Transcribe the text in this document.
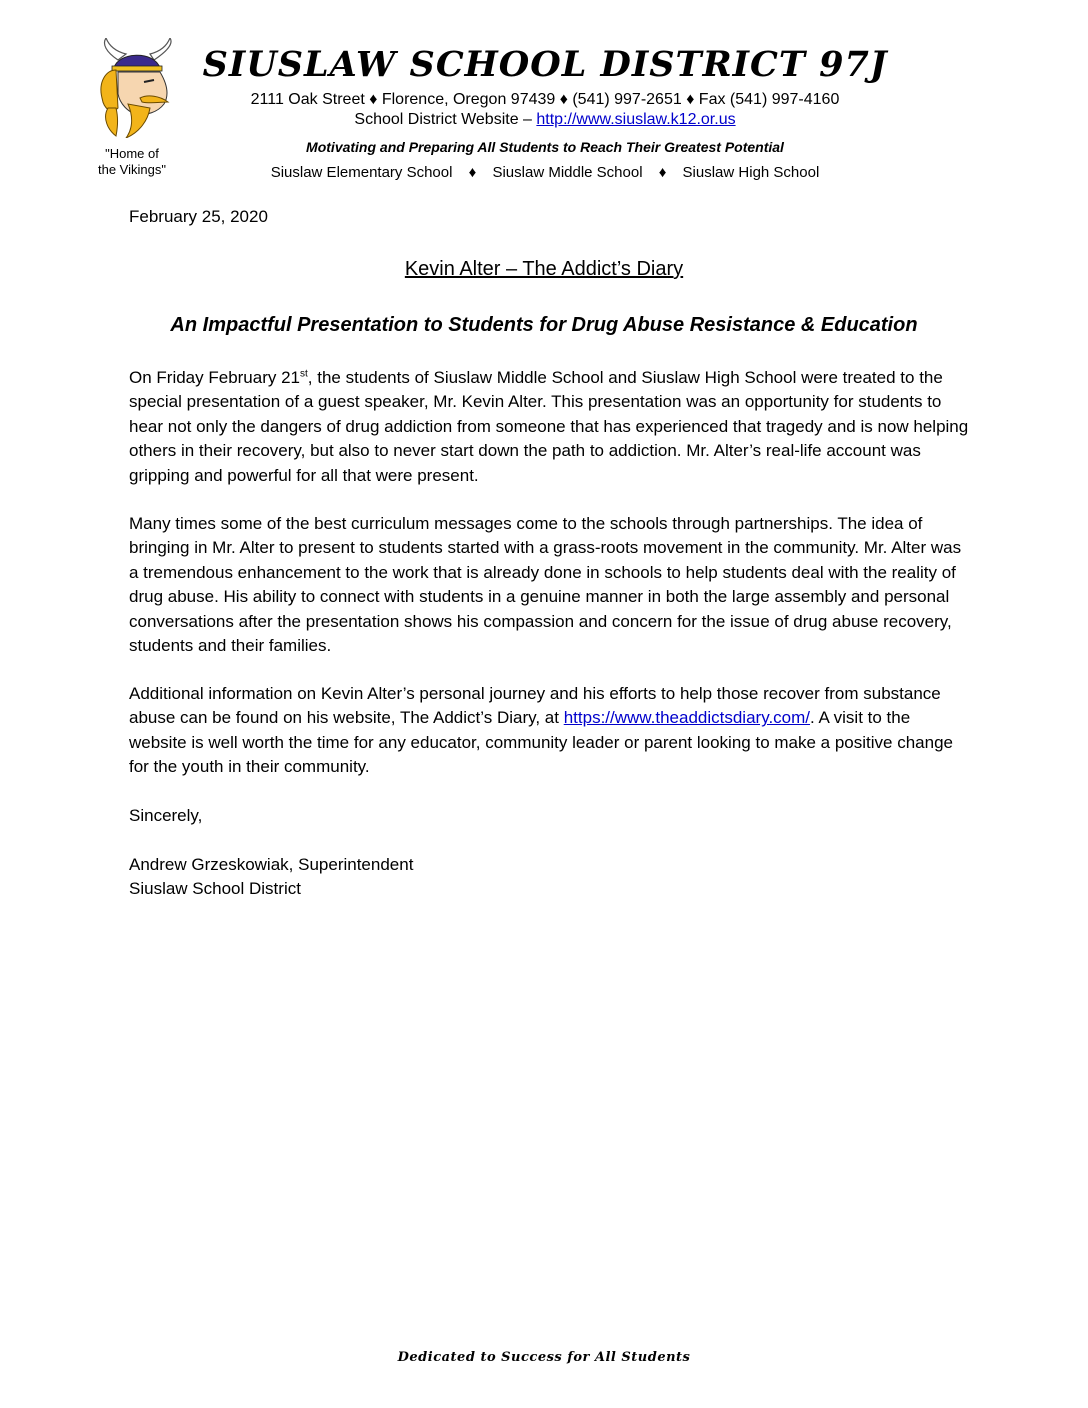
"Home of
the Vikings"
SIUSLAW SCHOOL DISTRICT 97J
2111 Oak Street ♦ Florence, Oregon 97439 ♦ (541) 997-2651 ♦ Fax (541) 997-4160
School District Website – http://www.siuslaw.k12.or.us
Motivating and Preparing All Students to Reach Their Greatest Potential
Siuslaw Elementary School ♦ Siuslaw Middle School ♦ Siuslaw High School
February 25, 2020
Kevin Alter – The Addict’s Diary
An Impactful Presentation to Students for Drug Abuse Resistance & Education
On Friday February 21st, the students of Siuslaw Middle School and Siuslaw High School were treated to the special presentation of a guest speaker, Mr. Kevin Alter. This presentation was an opportunity for students to hear not only the dangers of drug addiction from someone that has experienced that tragedy and is now helping others in their recovery, but also to never start down the path to addiction. Mr. Alter’s real-life account was gripping and powerful for all that were present.
Many times some of the best curriculum messages come to the schools through partnerships. The idea of bringing in Mr. Alter to present to students started with a grass-roots movement in the community. Mr. Alter was a tremendous enhancement to the work that is already done in schools to help students deal with the reality of drug abuse. His ability to connect with students in a genuine manner in both the large assembly and personal conversations after the presentation shows his compassion and concern for the issue of drug abuse recovery, students and their families.
Additional information on Kevin Alter’s personal journey and his efforts to help those recover from substance abuse can be found on his website, The Addict’s Diary, at https://www.theaddictsdiary.com/. A visit to the website is well worth the time for any educator, community leader or parent looking to make a positive change for the youth in their community.
Sincerely,
Andrew Grzeskowiak, Superintendent
Siuslaw School District
Dedicated to Success for All Students
